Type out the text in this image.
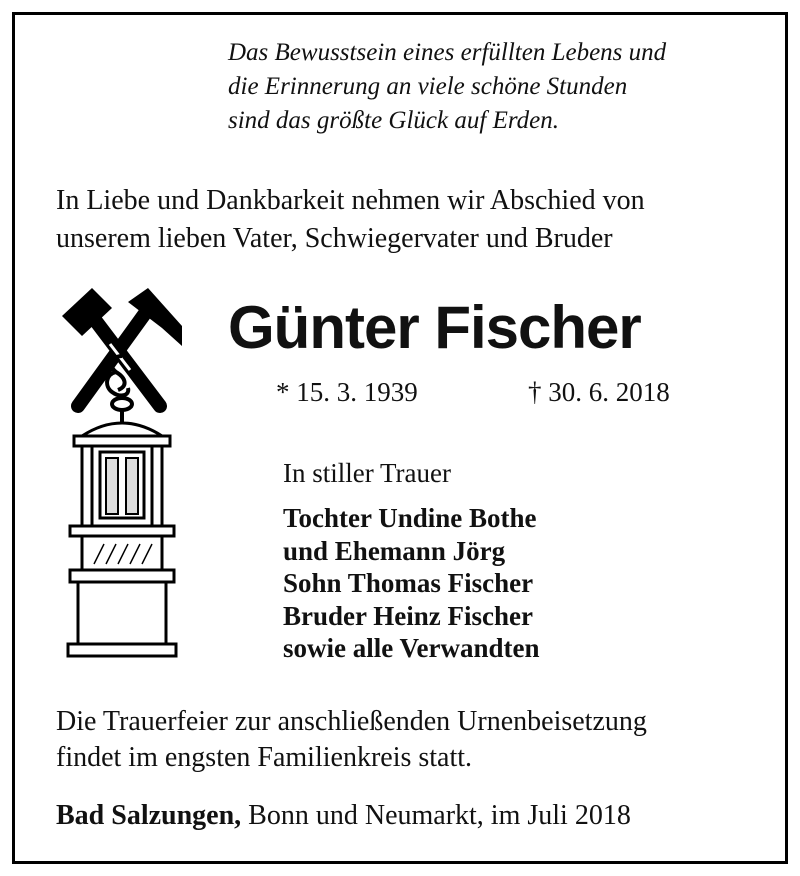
Das Bewusstsein eines erfüllten Lebens und
die Erinnerung an viele schöne Stunden
sind das größte Glück auf Erden.

In Liebe und Dankbarkeit nehmen wir Abschied von
unserem lieben Vater, Schwiegervater und Bruder

Günter Fischer
* 15. 3. 1939	† 30. 6. 2018
In stiller Trauer
Tochter Undine Bothe
und Ehemann Jörg
Sohn Thomas Fischer
Bruder Heinz Fischer
sowie alle Verwandten

Die Trauerfeier zur anschließenden Urnenbeisetzung
findet im engsten Familienkreis statt.

Bad Salzungen, Bonn und Neumarkt, im Juli 2018
